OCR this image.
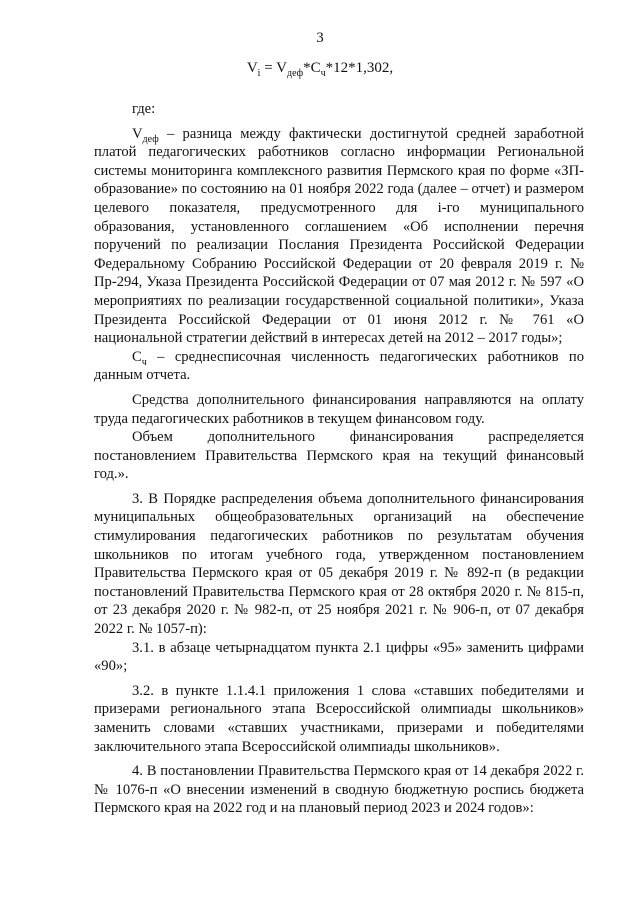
3
$V_i = V_{деф}*С_ч*12*1,302$,

где:

$V_{деф}$ – разница между фактически достигнутой средней заработной платой педагогических работников согласно информации Региональной системы мониторинга комплексного развития Пермского края по форме «ЗП-образование» по состоянию на 01 ноября 2022 года (далее – отчет) и размером целевого показателя, предусмотренного для i-го муниципального образования, установленного соглашением «Об исполнении перечня поручений по реализации Послания Президента Российской Федерации Федеральному Собранию Российской Федерации от 20 февраля 2019 г. № Пр-294, Указа Президента Российской Федерации от 07 мая 2012 г. № 597 «О мероприятиях по реализации государственной социальной политики», Указа Президента Российской Федерации от 01 июня 2012 г. № 761 «О национальной стратегии действий в интересах детей на 2012 – 2017 годы»;

$С_ч$ – среднесписочная численность педагогических работников по данным отчета.

Средства дополнительного финансирования направляются на оплату труда педагогических работников в текущем финансовом году.

Объем дополнительного финансирования распределяется постановлением Правительства Пермского края на текущий финансовый год.».

3. В Порядке распределения объема дополнительного финансирования муниципальных общеобразовательных организаций на обеспечение стимулирования педагогических работников по результатам обучения школьников по итогам учебного года, утвержденном постановлением Правительства Пермского края от 05 декабря 2019 г. № 892-п (в редакции постановлений Правительства Пермского края от 28 октября 2020 г. № 815-п, от 23 декабря 2020 г. № 982-п, от 25 ноября 2021 г. № 906-п, от 07 декабря 2022 г. № 1057-п):

3.1. в абзаце четырнадцатом пункта 2.1 цифры «95» заменить цифрами «90»;

3.2. в пункте 1.1.4.1 приложения 1 слова «ставших победителями и призерами регионального этапа Всероссийской олимпиады школьников» заменить словами «ставших участниками, призерами и победителями заключительного этапа Всероссийской олимпиады школьников».

4. В постановлении Правительства Пермского края от 14 декабря 2022 г. № 1076-п «О внесении изменений в сводную бюджетную роспись бюджета Пермского края на 2022 год и на плановый период 2023 и 2024 годов»:
